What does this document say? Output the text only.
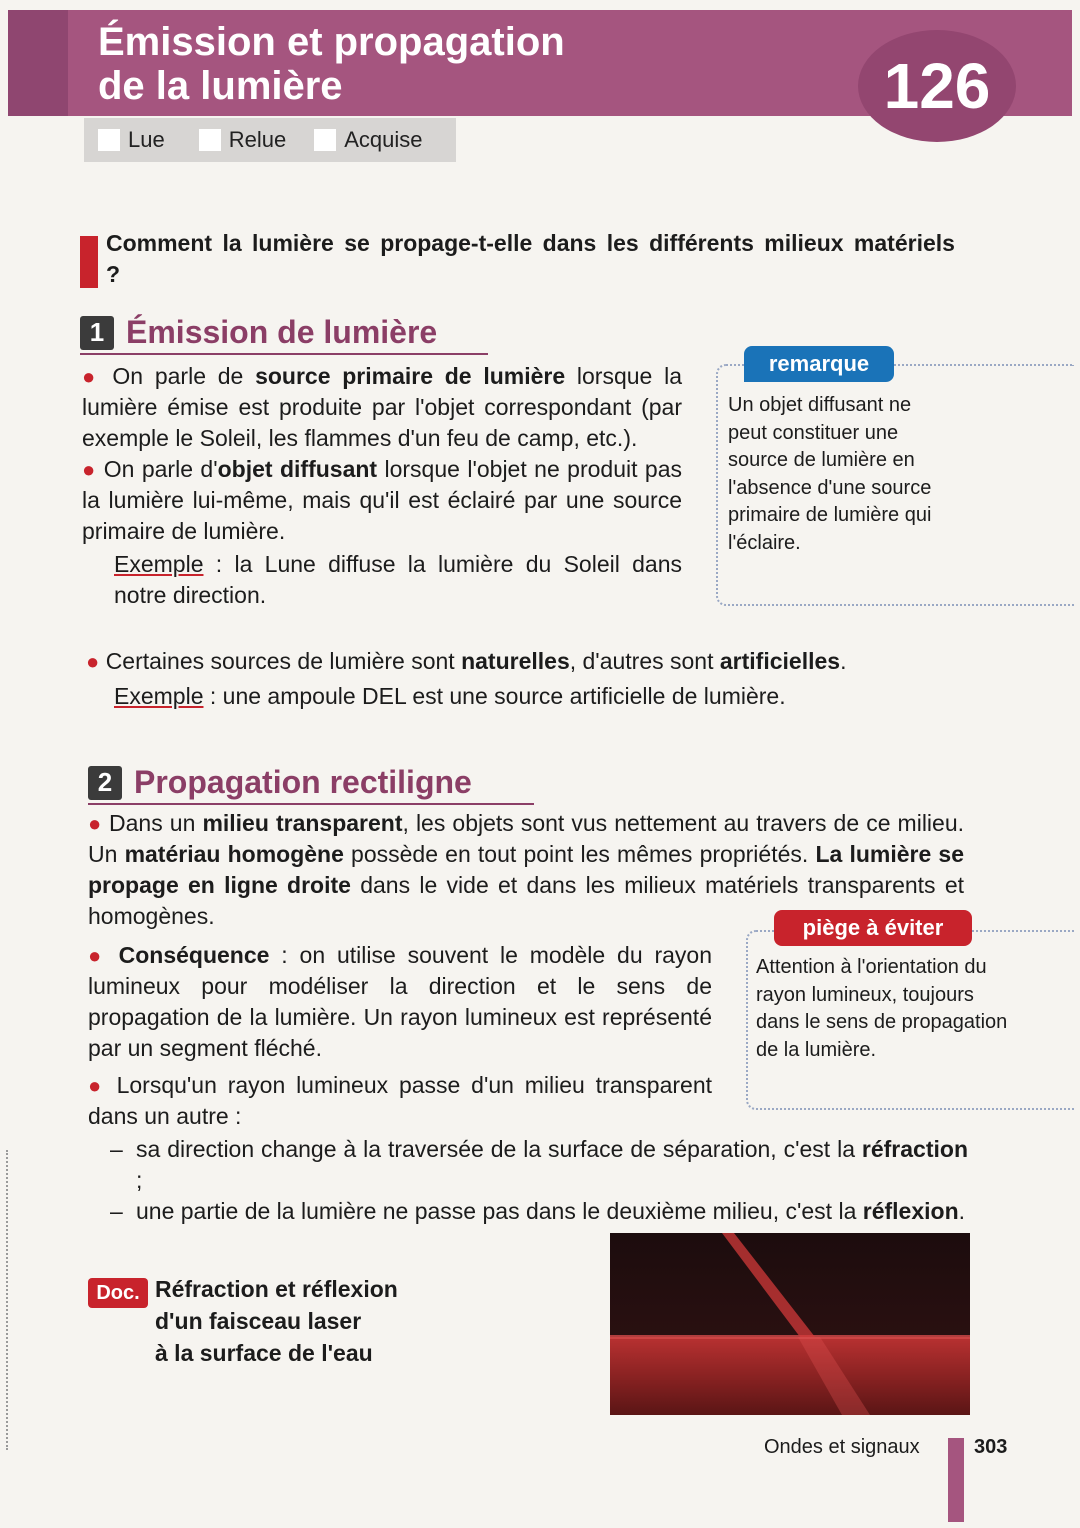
Émission et propagation
de la lumière	126
Lue	Relue	Acquise

Comment la lumière se propage-t-elle dans les différents milieux matériels ?

1 Émission de lumière

● On parle de source primaire de lumière lorsque la lumière émise est produite par l'objet correspondant (par exemple le Soleil, les flammes d'un feu de camp, etc.).

● On parle d'objet diffusant lorsque l'objet ne produit pas la lumière lui-même, mais qu'il est éclairé par une source primaire de lumière.

Exemple : la Lune diffuse la lumière du Soleil dans notre direction.

● Certaines sources de lumière sont naturelles, d'autres sont artificielles.

Exemple : une ampoule DEL est une source artificielle de lumière.

remarque

Un objet diffusant ne peut constituer une source de lumière en l'absence d'une source primaire de lumière qui l'éclaire.

2 Propagation rectiligne

● Dans un milieu transparent, les objets sont vus nettement au travers de ce milieu. Un matériau homogène possède en tout point les mêmes propriétés. La lumière se propage en ligne droite dans le vide et dans les milieux matériels transparents et homogènes.

● Conséquence : on utilise souvent le modèle du rayon lumineux pour modéliser la direction et le sens de propagation de la lumière. Un rayon lumineux est représenté par un segment fléché.

● Lorsqu'un rayon lumineux passe d'un milieu transparent dans un autre :

– sa direction change à la traversée de la surface de séparation, c'est la réfraction ;

– une partie de la lumière ne passe pas dans le deuxième milieu, c'est la réflexion.

piège à éviter

Attention à l'orientation du rayon lumineux, toujours dans le sens de propagation de la lumière.

Doc. Réfraction et réflexion
d'un faisceau laser
à la surface de l'eau

Ondes et signaux	303
